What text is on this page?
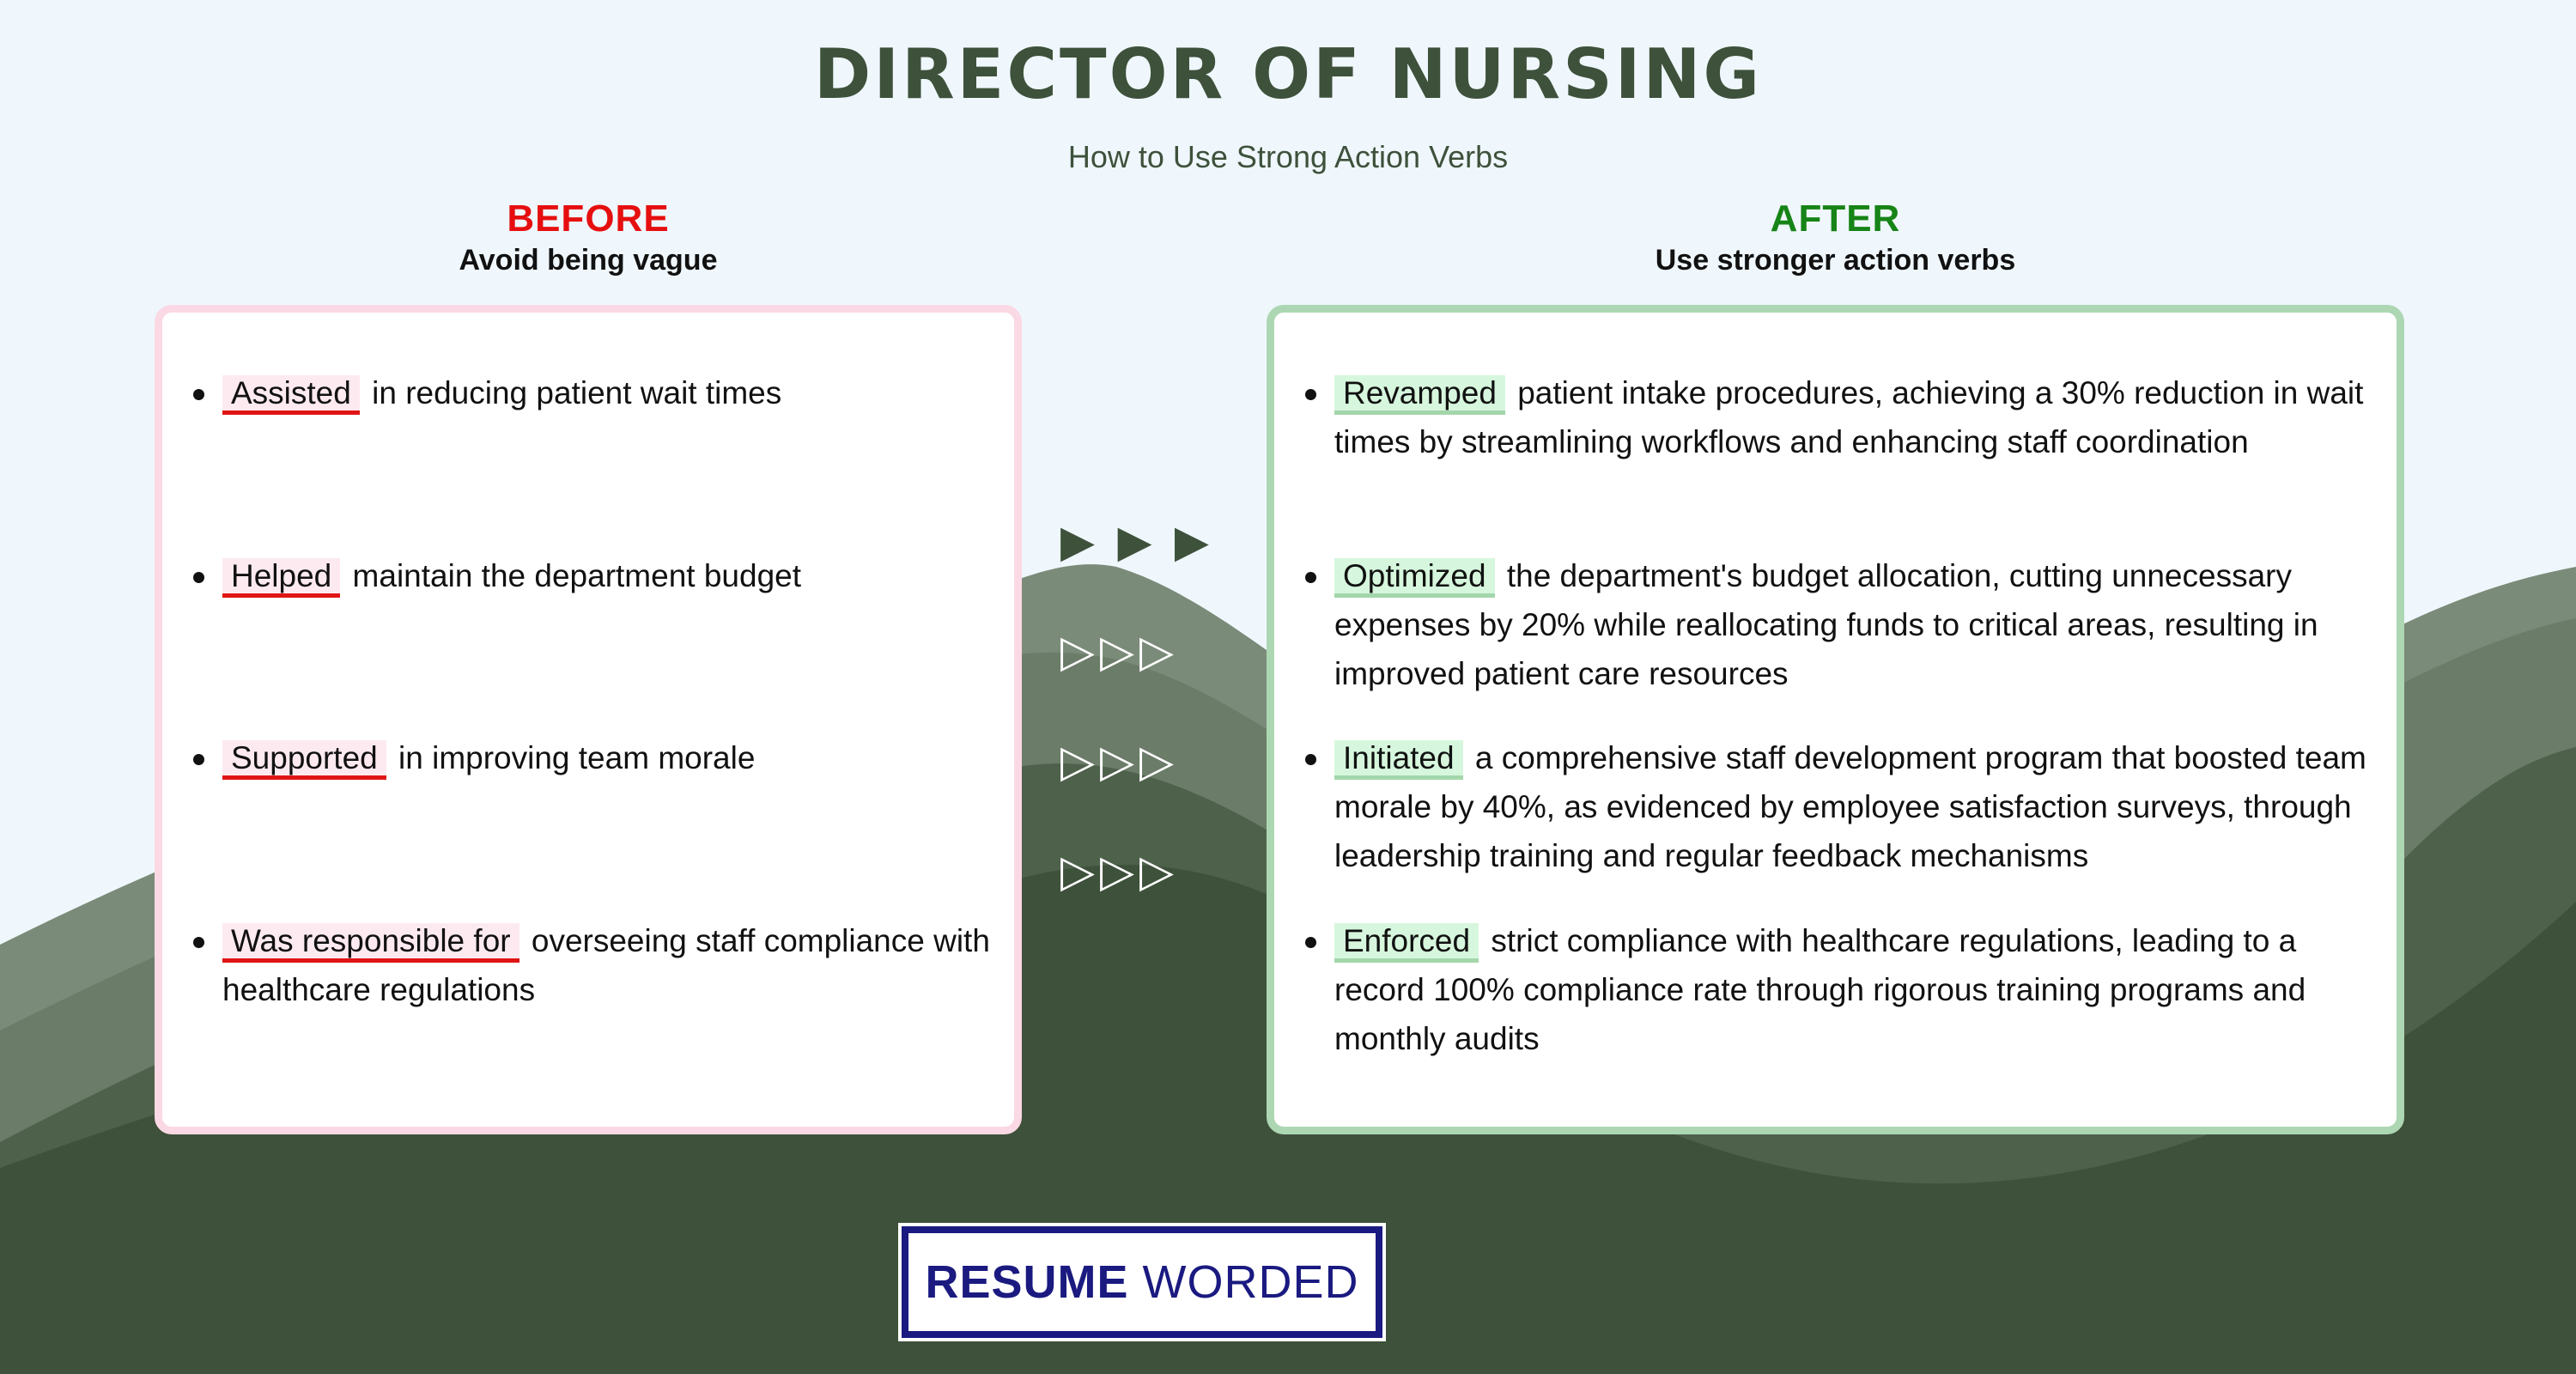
DIRECTOR OF NURSING
How to Use Strong Action Verbs
BEFORE
Avoid being vague
AFTER
Use stronger action verbs
Assisted in reducing patient wait times
Helped maintain the department budget
Supported in improving team morale
Was responsible for overseeing staff compliance with healthcare regulations
Revamped patient intake procedures, achieving a 30% reduction in wait times by streamlining workflows and enhancing staff coordination
Optimized the department's budget allocation, cutting unnecessary expenses by 20% while reallocating funds to critical areas, resulting in improved patient care resources
Initiated a comprehensive staff development program that boosted team morale by 40%, as evidenced by employee satisfaction surveys, through leadership training and regular feedback mechanisms
Enforced strict compliance with healthcare regulations, leading to a record 100% compliance rate through rigorous training programs and monthly audits
▶ ▶ ▶
▷▷▷
▷▷▷
▷▷▷
RESUME WORDED
